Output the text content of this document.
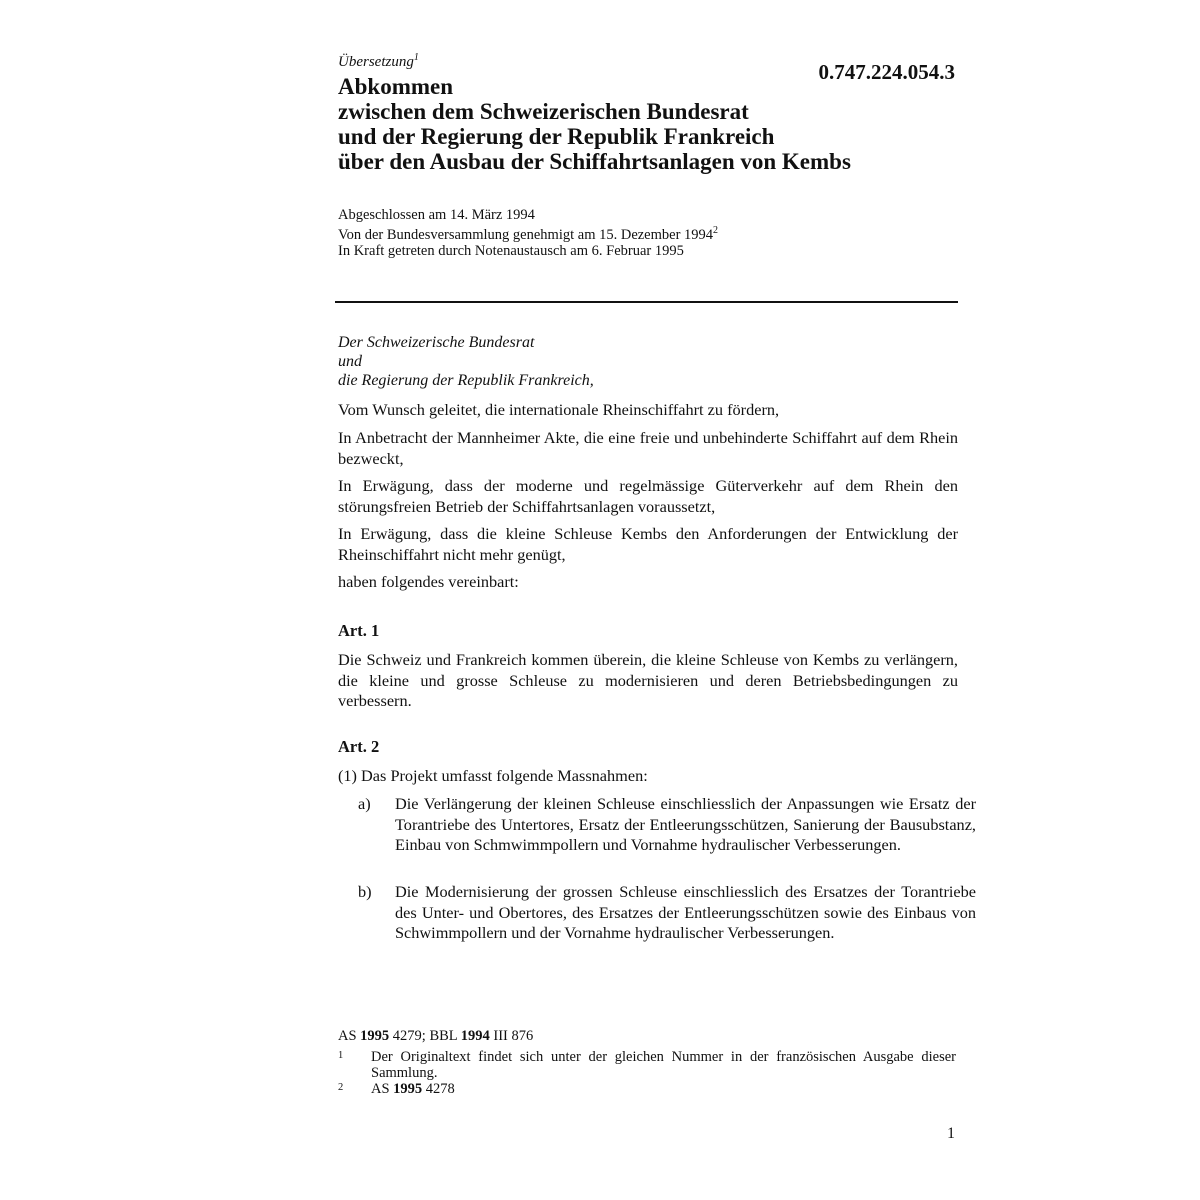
Übersetzung$^1$
0.747.224.054.3
Abkommen
zwischen dem Schweizerischen Bundesrat
und der Regierung der Republik Frankreich
über den Ausbau der Schiffahrtsanlagen von Kembs
Abgeschlossen am 14. März 1994
Von der Bundesversammlung genehmigt am 15. Dezember 1994$^2$
In Kraft getreten durch Notenaustausch am 6. Februar 1995
Der Schweizerische Bundesrat
und
die Regierung der Republik Frankreich,
Vom Wunsch geleitet, die internationale Rheinschiffahrt zu fördern,
In Anbetracht der Mannheimer Akte, die eine freie und unbehinderte Schiffahrt auf dem Rhein bezweckt,
In Erwägung, dass der moderne und regelmässige Güterverkehr auf dem Rhein den störungsfreien Betrieb der Schiffahrtsanlagen voraussetzt,
In Erwägung, dass die kleine Schleuse Kembs den Anforderungen der Entwicklung der Rheinschiffahrt nicht mehr genügt,
haben folgendes vereinbart:
Art. 1
Die Schweiz und Frankreich kommen überein, die kleine Schleuse von Kembs zu verlängern, die kleine und grosse Schleuse zu modernisieren und deren Betriebsbedingungen zu verbessern.
Art. 2
(1) Das Projekt umfasst folgende Massnahmen:
a) Die Verlängerung der kleinen Schleuse einschliesslich der Anpassungen wie Ersatz der Torantriebe des Untertores, Ersatz der Entleerungsschützen, Sanierung der Bausubstanz, Einbau von Schmwimmpollern und Vornahme hydraulischer Verbesserungen.
b) Die Modernisierung der grossen Schleuse einschliesslich des Ersatzes der Torantriebe des Unter- und Obertores, des Ersatzes der Entleerungsschützen sowie des Einbaus von Schwimmpollern und der Vornahme hydraulischer Verbesserungen.
AS 1995 4279; BBL 1994 III 876
1 Der Originaltext findet sich unter der gleichen Nummer in der französischen Ausgabe dieser Sammlung.
2 AS 1995 4278
1
